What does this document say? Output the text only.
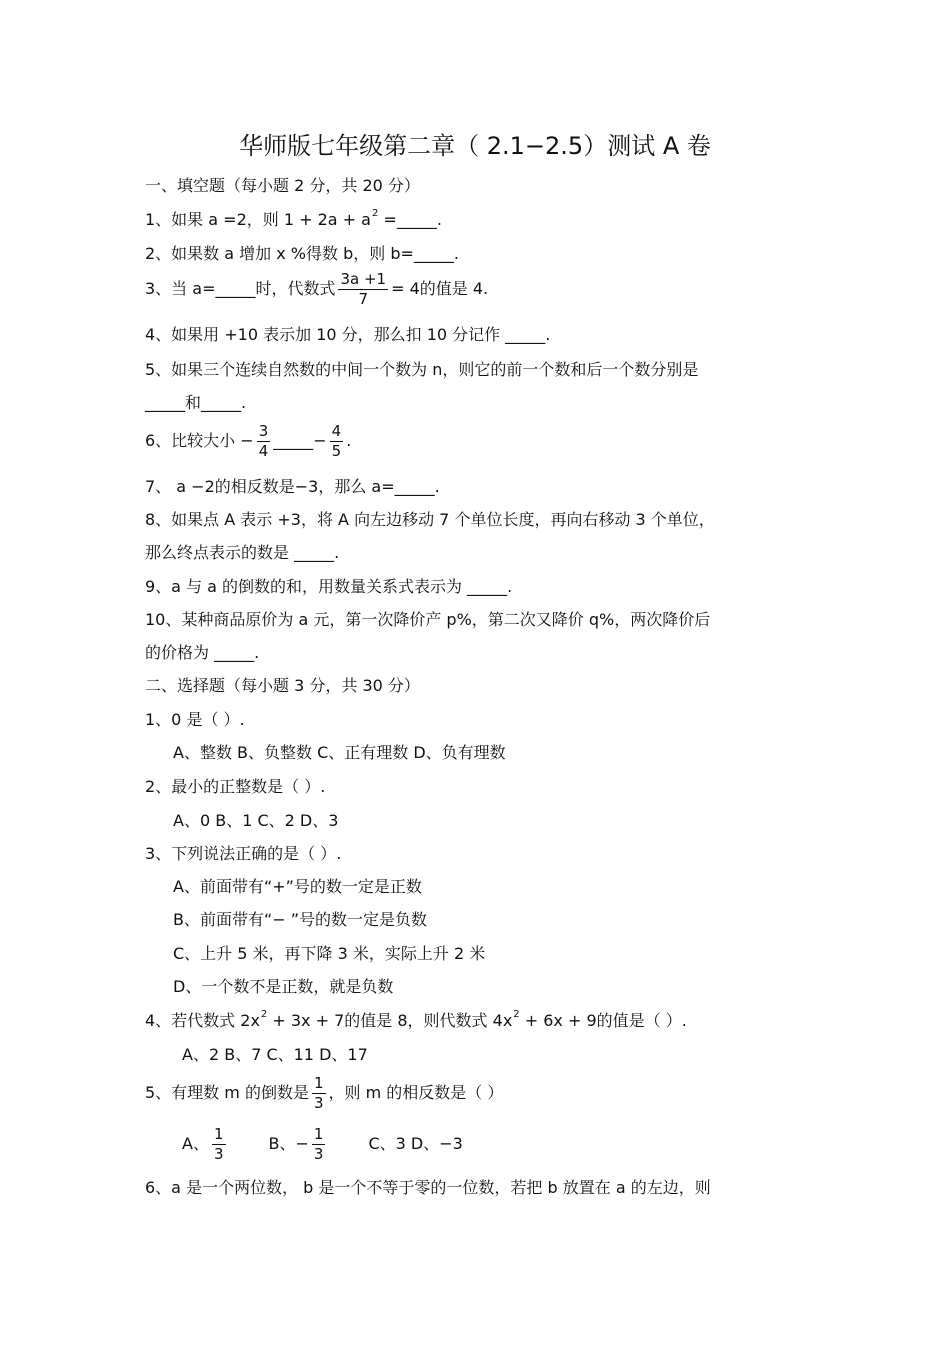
华师版七年级第二章（ 2.1−2.5）测试 A 卷
一、填空题（每小题 2 分，共 20 分）
1、如果 a =2，则 $1 + 2a + a^2$ =_____.
2、如果数 a 增加 x %得数 b，则 b=_____.
3、当 a=_____时，代数式 $\frac{3a +1}{7} = 4$的值是 4.
4、如果用 +10 表示加 10 分，那么扣 10 分记作 _____.
5、如果三个连续自然数的中间一个数为 n，则它的前一个数和后一个数分别是
_____和_____.
6、比较大小 − $\frac{3}{4}$ _____− $\frac{4}{5}$ .
7、 a −2的相反数是−3，那么 a=_____.
8、如果点 A 表示 +3，将 A 向左边移动 7 个单位长度，再向右移动 3 个单位，
那么终点表示的数是 _____.
9、a 与 a 的倒数的和，用数量关系式表示为 _____.
10、某种商品原价为 a 元，第一次降价产 p%，第二次又降价 q%，两次降价后
的价格为 _____.
二、选择题（每小题 3 分，共 30 分）
1、0 是（ ）.
A、整数 B、负整数 C、正有理数 D、负有理数
2、最小的正整数是（ ）.
A、0 B、1 C、2 D、3
3、下列说法正确的是（ ）.
A、前面带有“+”号的数一定是正数
B、前面带有“− ”号的数一定是负数
C、上升 5 米，再下降 3 米，实际上升 2 米
D、一个数不是正数，就是负数
4、若代数式 $2x^2 + 3x + 7$的值是 8，则代数式 $4x^2 + 6x + 9$的值是（ ）.
A、2 B、7 C、11 D、17
5、有理数 m 的倒数是 $\frac{1}{3}$ ，则 m 的相反数是（ ）
A、 $\frac{1}{3}$	B、− $\frac{1}{3}$	C、3 D、−3
6、a 是一个两位数， b 是一个不等于零的一位数，若把 b 放置在 a 的左边，则
